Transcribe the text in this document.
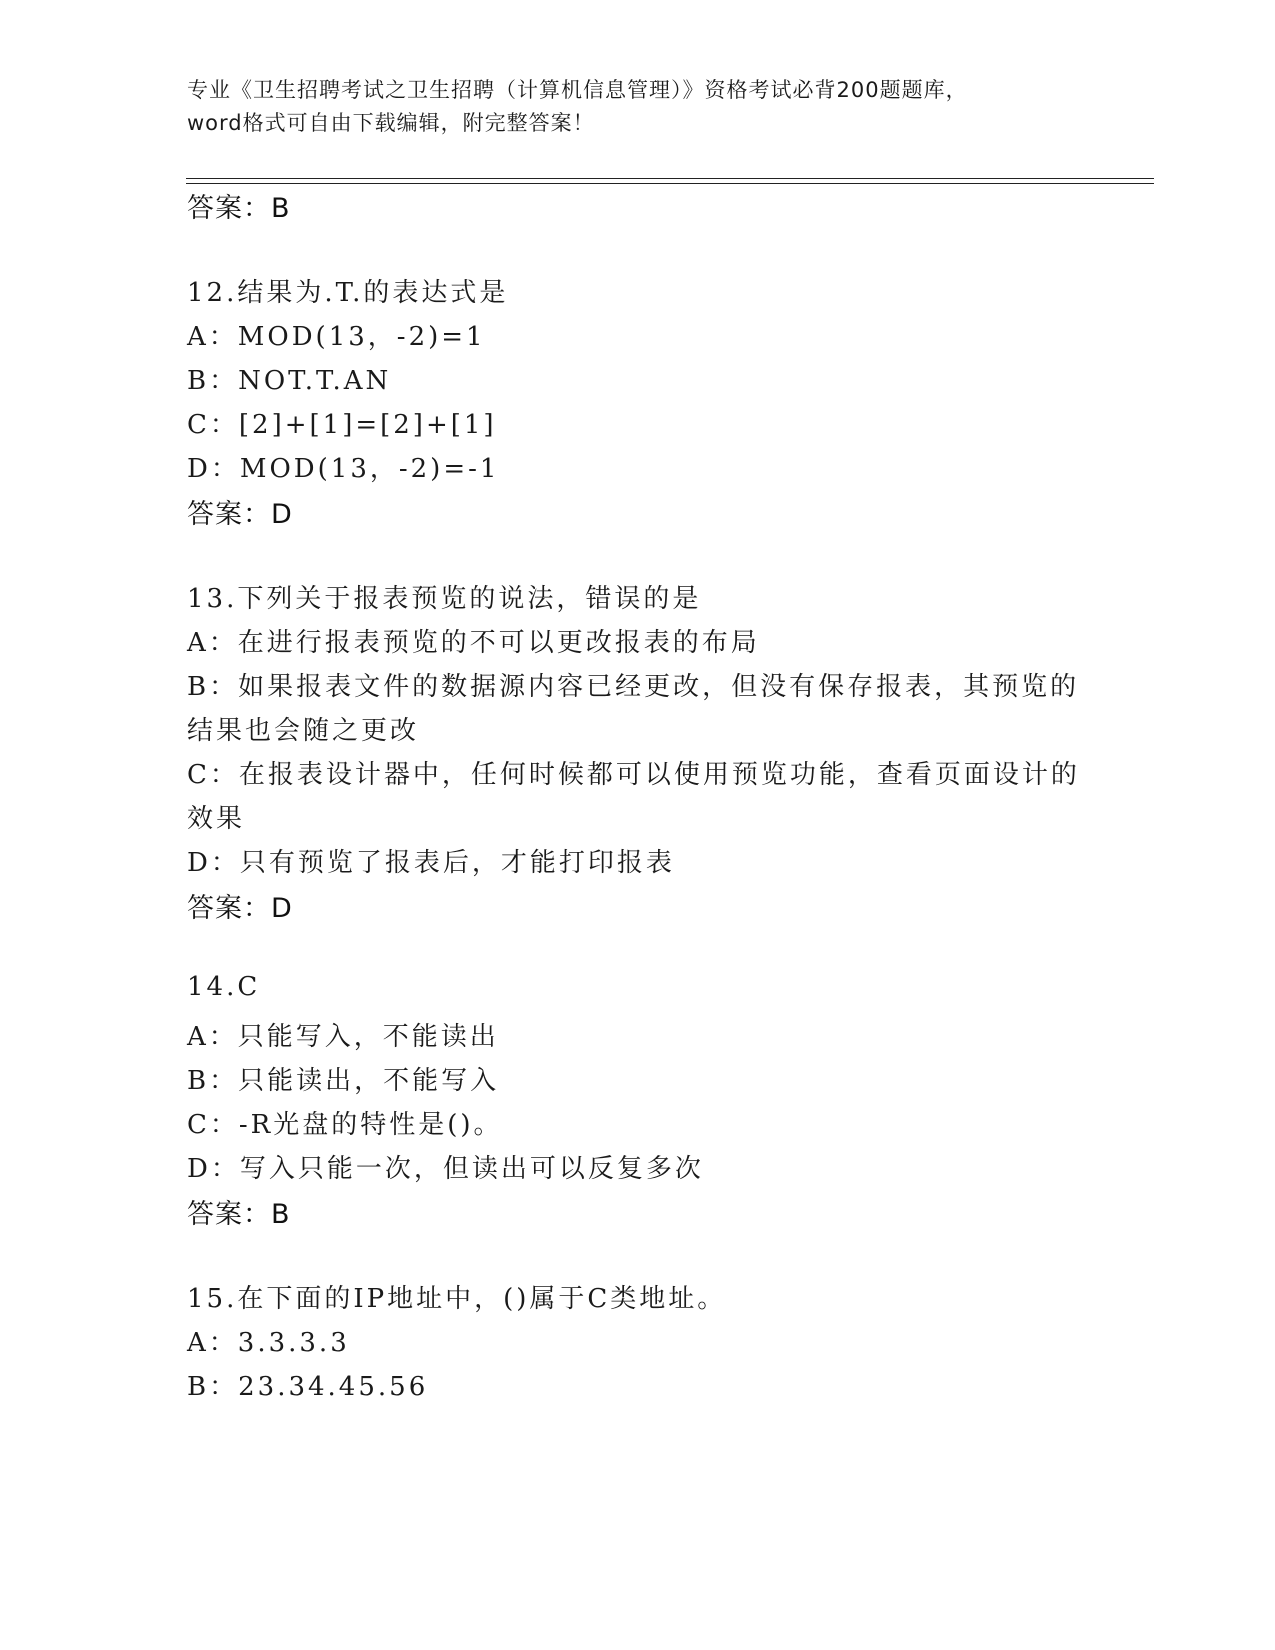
专业《卫生招聘考试之卫生招聘（计算机信息管理）》资格考试必背200题题库，
word格式可自由下载编辑，附完整答案！
答案：B
12.结果为.T.的表达式是
A：MOD(13，-2)=1
B：NOT.T.AN
C：[2]+[1]=[2]+[1]
D：MOD(13，-2)=-1
答案：D
13.下列关于报表预览的说法，错误的是
A：在进行报表预览的不可以更改报表的布局
B：如果报表文件的数据源内容已经更改，但没有保存报表，其预览的
结果也会随之更改
C：在报表设计器中，任何时候都可以使用预览功能，查看页面设计的
效果
D：只有预览了报表后，才能打印报表
答案：D
14.C
A：只能写入，不能读出
B：只能读出，不能写入
C：-R光盘的特性是()。
D：写入只能一次，但读出可以反复多次
答案：B
15.在下面的IP地址中，()属于C类地址。
A：3.3.3.3
B：23.34.45.56
